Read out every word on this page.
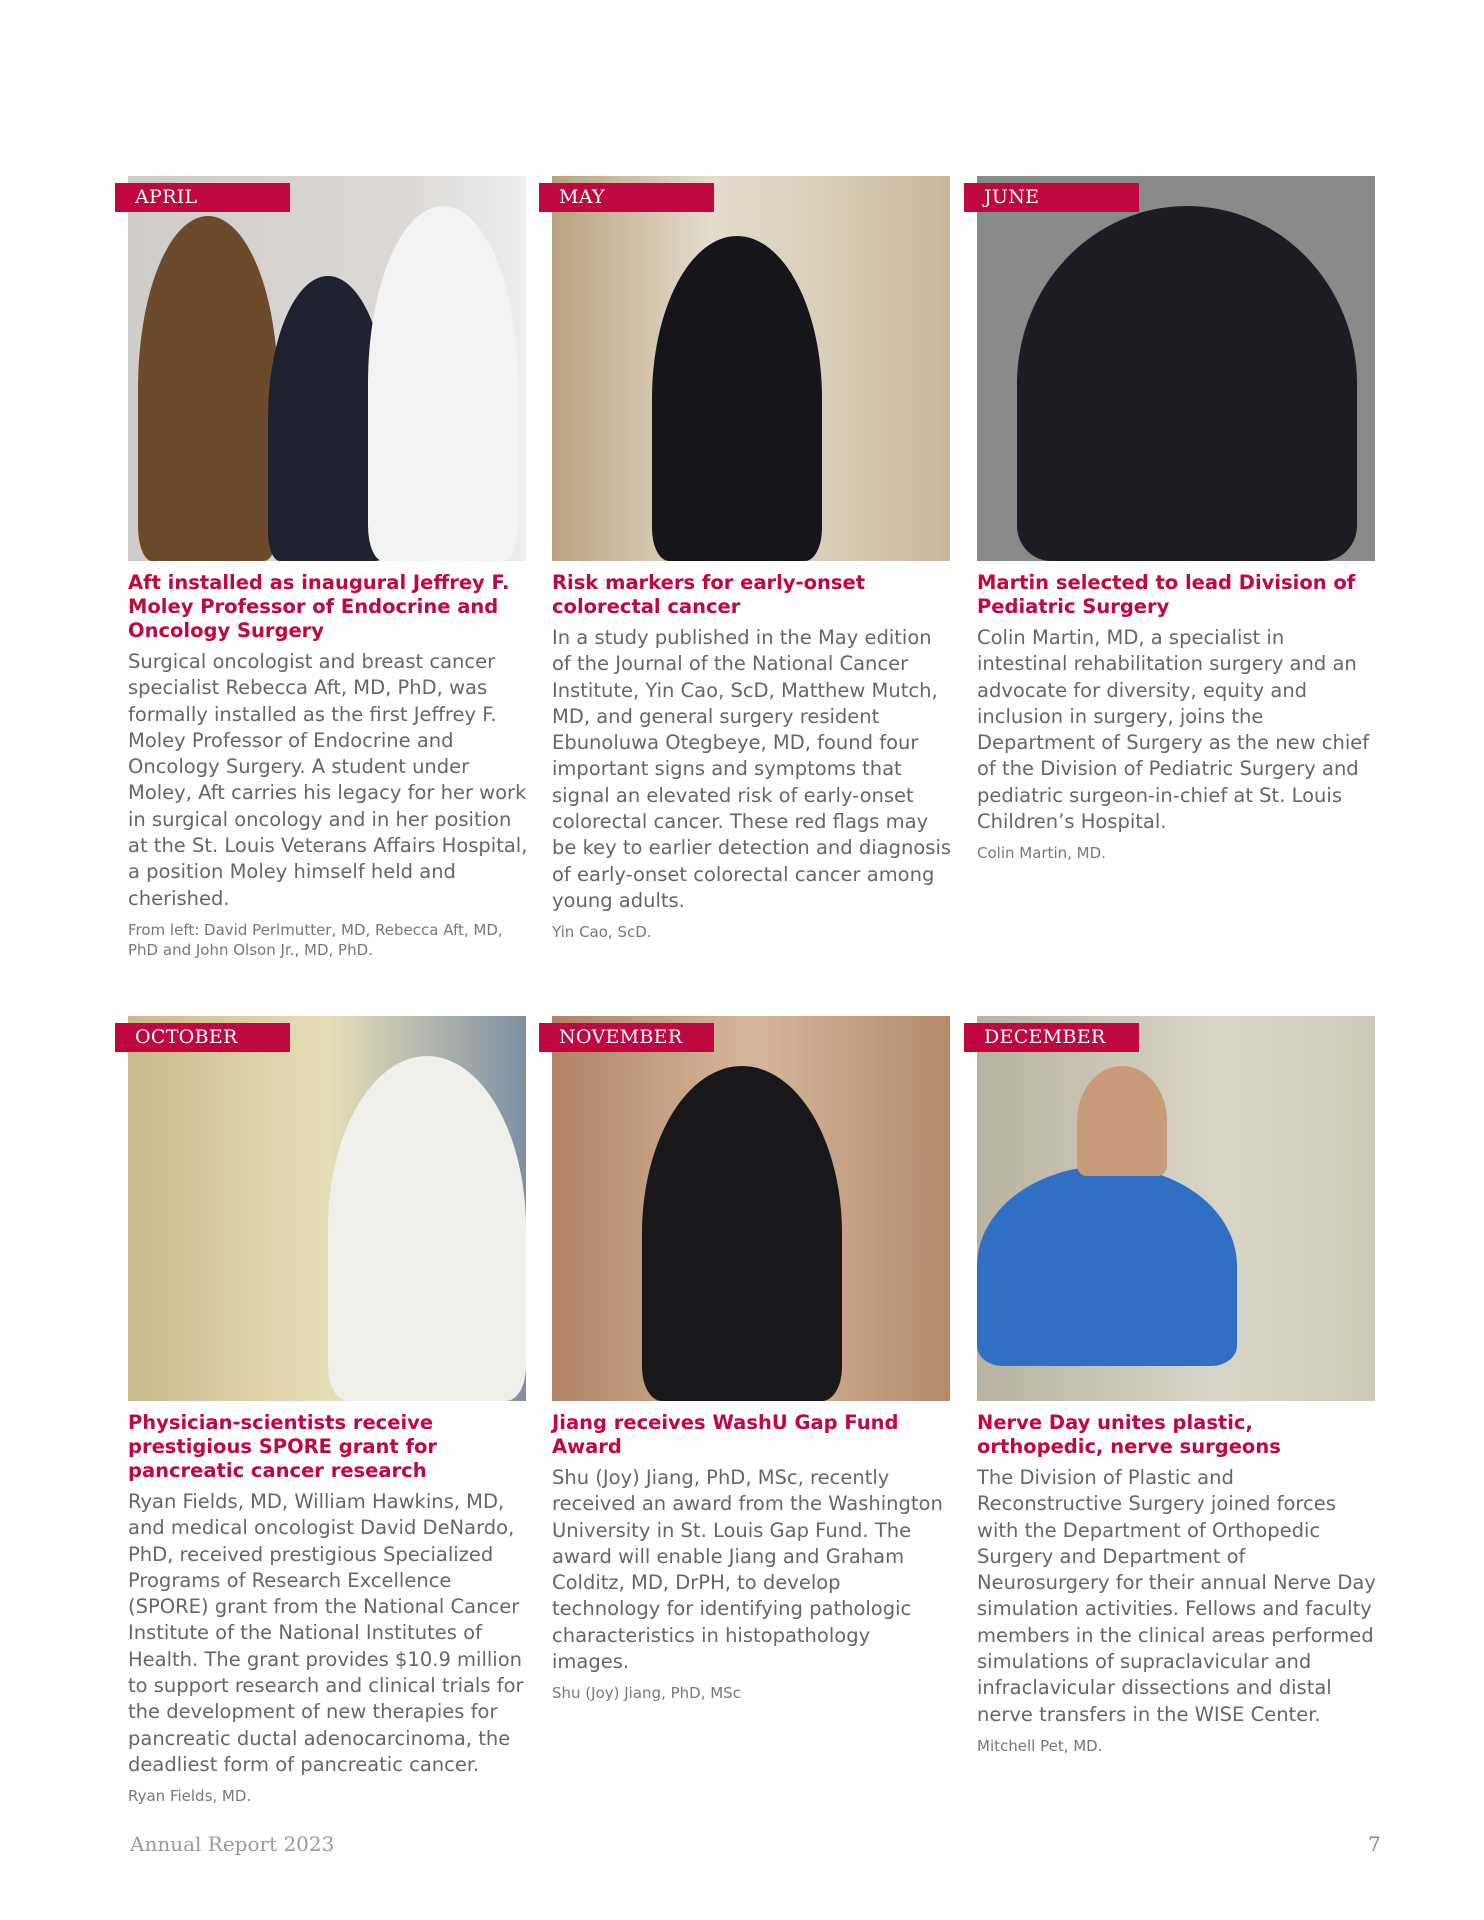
APRIL
Aft installed as inaugural Jeffrey F. Moley Professor of Endocrine and Oncology Surgery
Surgical oncologist and breast cancer specialist Rebecca Aft, MD, PhD, was formally installed as the first Jeffrey F. Moley Professor of Endocrine and Oncology Surgery. A student under Moley, Aft carries his legacy for her work in surgical oncology and in her position at the St. Louis Veterans Affairs Hospital, a position Moley himself held and cherished.
From left: David Perlmutter, MD, Rebecca Aft, MD, PhD and John Olson Jr., MD, PhD.
MAY
Risk markers for early-onset colorectal cancer
In a study published in the May edition of the Journal of the National Cancer Institute, Yin Cao, ScD, Matthew Mutch, MD, and general surgery resident Ebunoluwa Otegbeye, MD, found four important signs and symptoms that signal an elevated risk of early-onset colorectal cancer. These red flags may be key to earlier detection and diagnosis of early-onset colorectal cancer among young adults.
Yin Cao, ScD.
JUNE
Martin selected to lead Division of Pediatric Surgery
Colin Martin, MD, a specialist in intestinal rehabilitation surgery and an advocate for diversity, equity and inclusion in surgery, joins the Department of Surgery as the new chief of the Division of Pediatric Surgery and pediatric surgeon-in-chief at St. Louis Children’s Hospital.
Colin Martin, MD.
OCTOBER
Physician-scientists receive prestigious SPORE grant for pancreatic cancer research
Ryan Fields, MD, William Hawkins, MD, and medical oncologist David DeNardo, PhD, received prestigious Specialized Programs of Research Excellence (SPORE) grant from the National Cancer Institute of the National Institutes of Health. The grant provides $10.9 million to support research and clinical trials for the development of new therapies for pancreatic ductal adenocarcinoma, the deadliest form of pancreatic cancer.
Ryan Fields, MD.
NOVEMBER
Jiang receives WashU Gap Fund Award
Shu (Joy) Jiang, PhD, MSc, recently received an award from the Washington University in St. Louis Gap Fund. The award will enable Jiang and Graham Colditz, MD, DrPH, to develop technology for identifying pathologic characteristics in histopathology images.
Shu (Joy) Jiang, PhD, MSc
DECEMBER
Nerve Day unites plastic, orthopedic, nerve surgeons
The Division of Plastic and Reconstructive Surgery joined forces with the Department of Orthopedic Surgery and Department of Neurosurgery for their annual Nerve Day simulation activities. Fellows and faculty members in the clinical areas performed simulations of supraclavicular and infraclavicular dissections and distal nerve transfers in the WISE Center.
Mitchell Pet, MD.
Annual Report 2023	7
